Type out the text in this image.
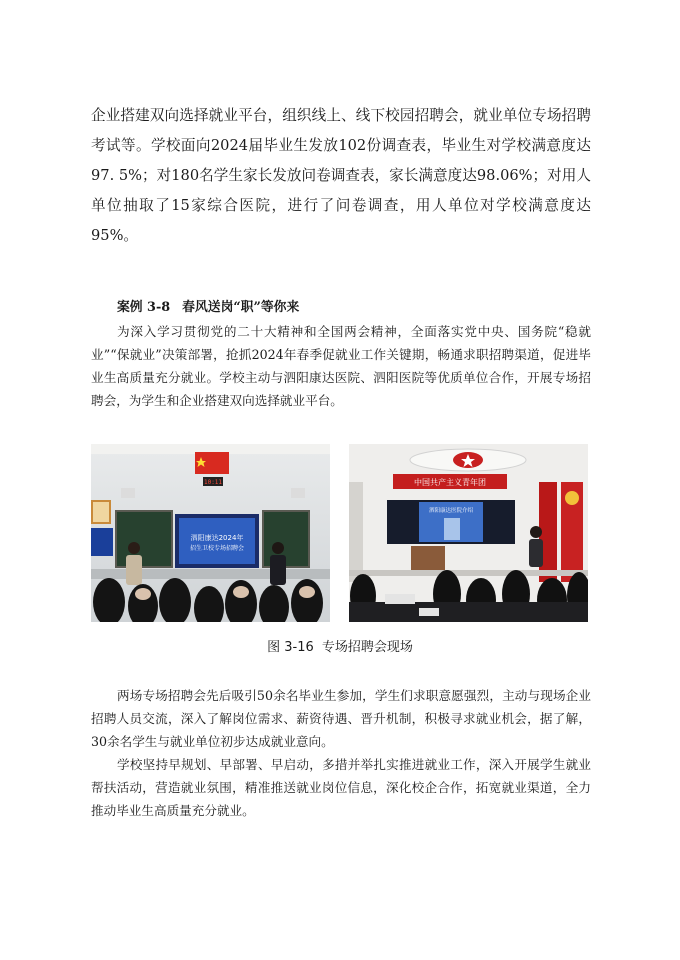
企业搭建双向选择就业平台，组织线上、线下校园招聘会，就业单位专场招聘考试等。学校面向2024届毕业生发放102份调查表，毕业生对学校满意度达97. 5%；对180名学生家长发放问卷调查表，家长满意度达98.06%；对用人单位抽取了15家综合医院，进行了问卷调查，用人单位对学校满意度达95%。

案例 3-8 春风送岗“职”等你来

为深入学习贯彻党的二十大精神和全国两会精神，全面落实党中央、国务院“稳就业”“保就业”决策部署，抢抓2024年春季促就业工作关键期，畅通求职招聘渠道，促进毕业生高质量充分就业。学校主动与泗阳康达医院、泗阳医院等优质单位合作，开展专场招聘会，为学生和企业搭建双向选择就业平台。

10:11
泗阳康达2024年
招生卫校专场招聘会
中国共产主义青年团
泗阳康达医院介绍
图 3-16 专场招聘会现场

两场专场招聘会先后吸引50余名毕业生参加，学生们求职意愿强烈，主动与现场企业招聘人员交流，深入了解岗位需求、薪资待遇、晋升机制，积极寻求就业机会，据了解，30余名学生与就业单位初步达成就业意向。

学校坚持早规划、早部署、早启动，多措并举扎实推进就业工作，深入开展学生就业帮扶活动，营造就业氛围，精准推送就业岗位信息，深化校企合作，拓宽就业渠道，全力推动毕业生高质量充分就业。
